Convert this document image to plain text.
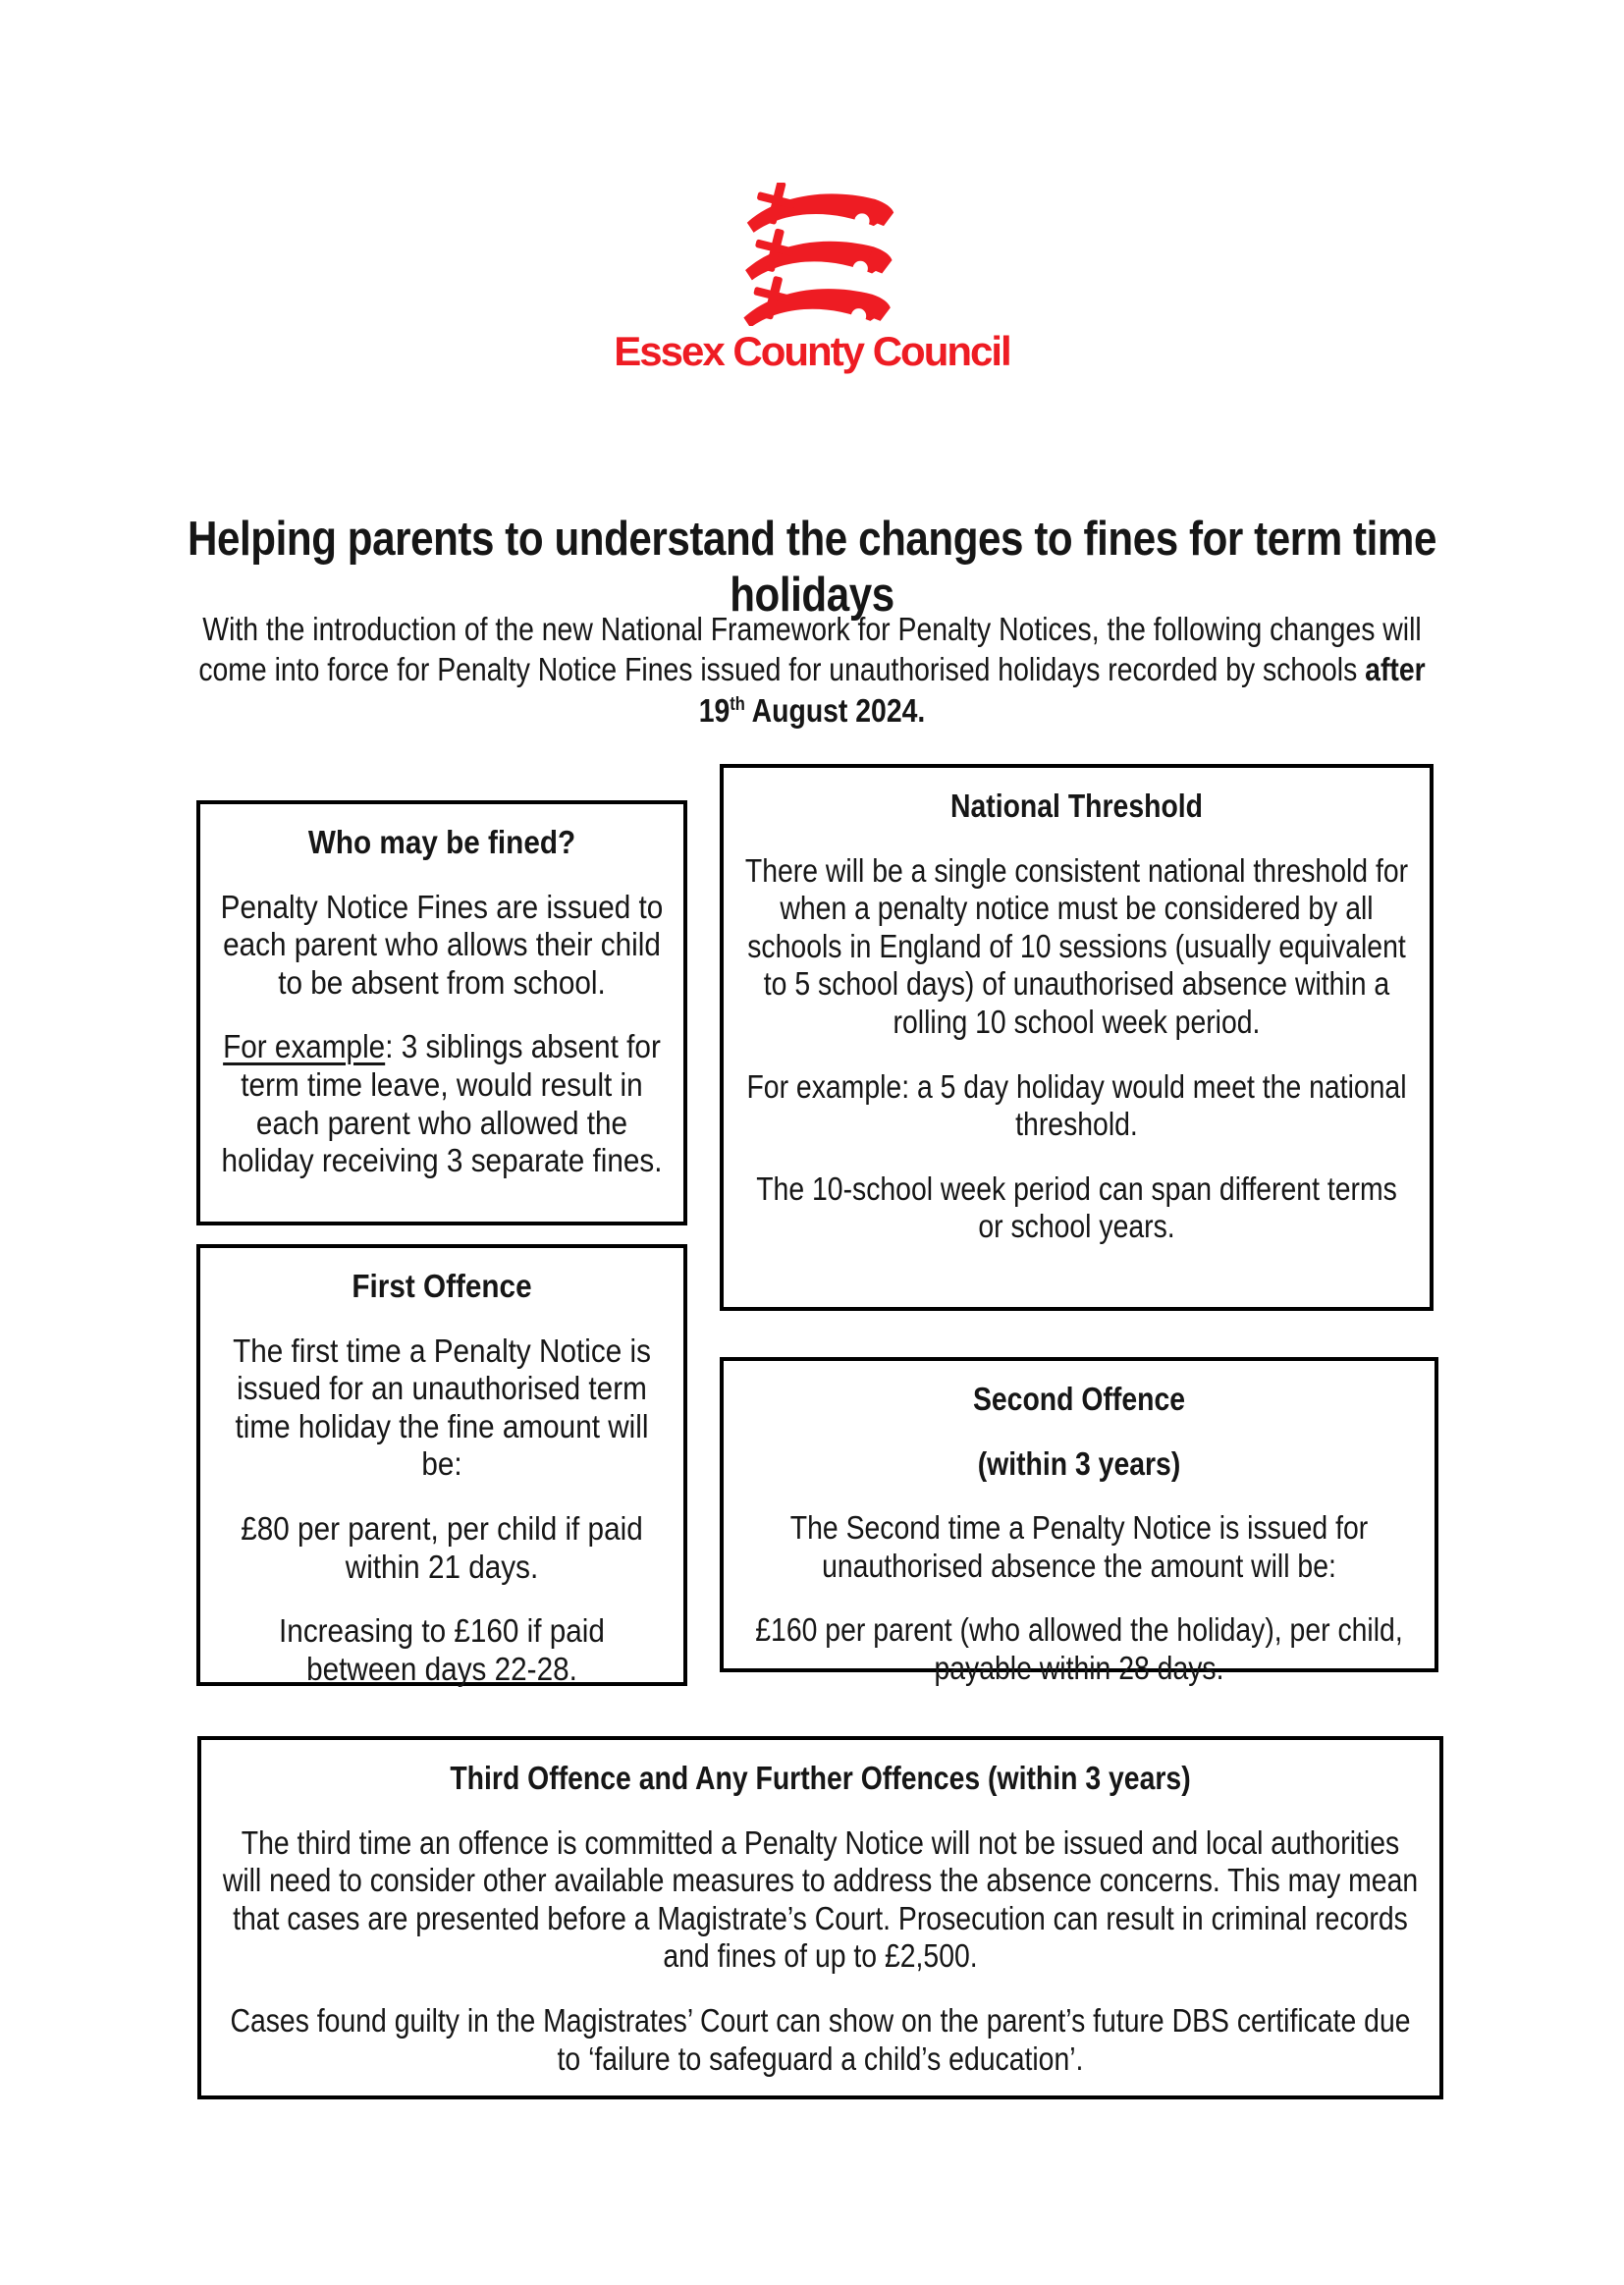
Essex County Council
Helping parents to understand the changes to fines for term time holidays
With the introduction of the new National Framework for Penalty Notices, the following changes will come into force for Penalty Notice Fines issued for unauthorised holidays recorded by schools after 19th August 2024.

Who may be fined?

Penalty Notice Fines are issued to each parent who allows their child to be absent from school.

For example: 3 siblings absent for term time leave, would result in each parent who allowed the holiday receiving 3 separate fines.

National Threshold

There will be a single consistent national threshold for when a penalty notice must be considered by all schools in England of 10 sessions (usually equivalent to 5 school days) of unauthorised absence within a rolling 10 school week period.

For example: a 5 day holiday would meet the national threshold.

The 10-school week period can span different terms or school years.

First Offence

The first time a Penalty Notice is issued for an unauthorised term time holiday the fine amount will be:

£80 per parent, per child if paid within 21 days.

Increasing to £160 if paid between days 22-28.

Second Offence

(within 3 years)

The Second time a Penalty Notice is issued for unauthorised absence the amount will be:

£160 per parent (who allowed the holiday), per child, payable within 28 days.

Third Offence and Any Further Offences (within 3 years)

The third time an offence is committed a Penalty Notice will not be issued and local authorities will need to consider other available measures to address the absence concerns. This may mean that cases are presented before a Magistrate’s Court. Prosecution can result in criminal records and fines of up to £2,500.

Cases found guilty in the Magistrates’ Court can show on the parent’s future DBS certificate due to ‘failure to safeguard a child’s education’.
